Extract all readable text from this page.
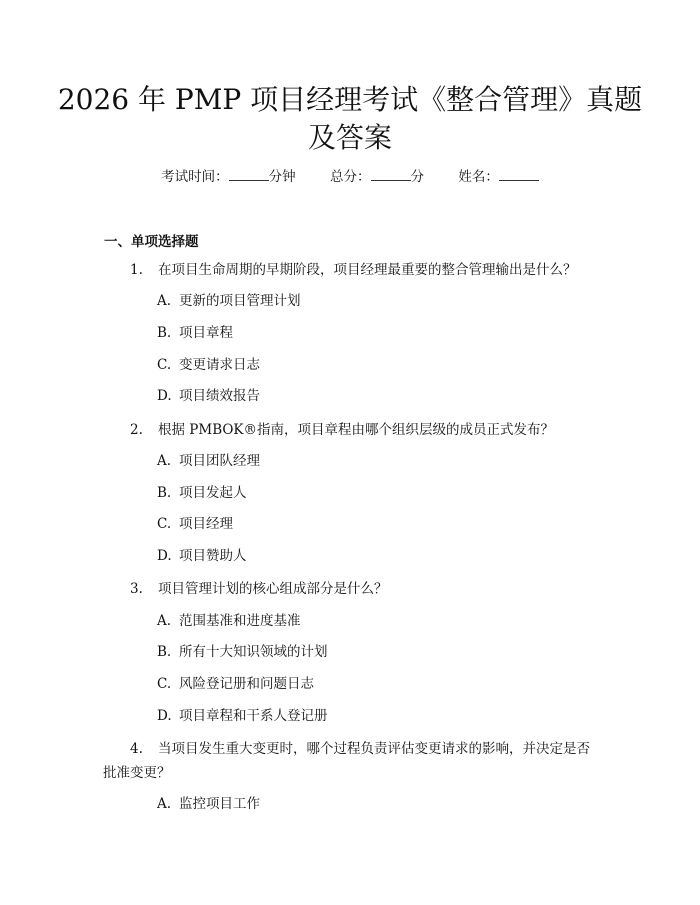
2026 年 PMP 项目经理考试《整合管理》真题
及答案
考试时间：	分钟	总分：	分	姓名：
一、单项选择题
1. 在项目生命周期的早期阶段，项目经理最重要的整合管理输出是什么？
A. 更新的项目管理计划
B. 项目章程
C. 变更请求日志
D. 项目绩效报告
2. 根据 PMBOK®指南，项目章程由哪个组织层级的成员正式发布？
A. 项目团队经理
B. 项目发起人
C. 项目经理
D. 项目赞助人
3. 项目管理计划的核心组成部分是什么？
A. 范围基准和进度基准
B. 所有十大知识领域的计划
C. 风险登记册和问题日志
D. 项目章程和干系人登记册
4. 当项目发生重大变更时，哪个过程负责评估变更请求的影响，并决定是否
批准变更？
A. 监控项目工作
